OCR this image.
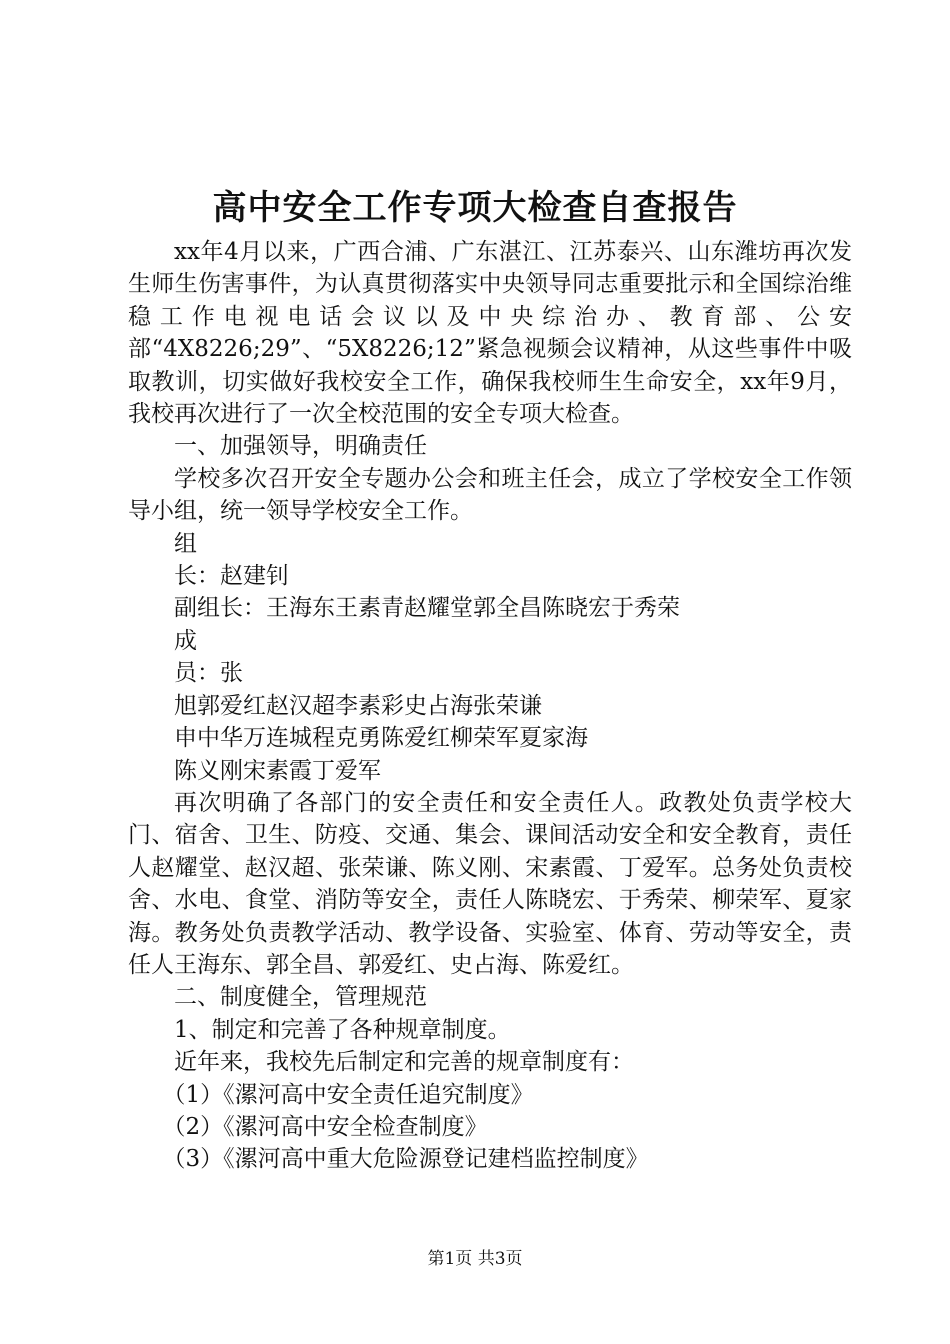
高中安全工作专项大检查自查报告

xx年4月以来，广西合浦、广东湛江、江苏泰兴、山东潍坊再次发生师生伤害事件，为认真贯彻落实中央领导同志重要批示和全国综治维稳工作电视电话会议以及中央综治办、教育部、公安部“4X8226;29”、“5X8226;12”紧急视频会议精神，从这些事件中吸取教训，切实做好我校安全工作，确保我校师生生命安全，xx年9月，我校再次进行了一次全校范围的安全专项大检查。

一、加强领导，明确责任

学校多次召开安全专题办公会和班主任会，成立了学校安全工作领导小组，统一领导学校安全工作。

组

长：赵建钊

副组长：王海东王素青赵耀堂郭全昌陈晓宏于秀荣

成

员：张

旭郭爱红赵汉超李素彩史占海张荣谦

申中华万连城程克勇陈爱红柳荣军夏家海

陈义刚宋素霞丁爱军

再次明确了各部门的安全责任和安全责任人。政教处负责学校大门、宿舍、卫生、防疫、交通、集会、课间活动安全和安全教育，责任人赵耀堂、赵汉超、张荣谦、陈义刚、宋素霞、丁爱军。总务处负责校舍、水电、食堂、消防等安全，责任人陈晓宏、于秀荣、柳荣军、夏家海。教务处负责教学活动、教学设备、实验室、体育、劳动等安全，责任人王海东、郭全昌、郭爱红、史占海、陈爱红。

二、制度健全，管理规范

1、制定和完善了各种规章制度。

近年来，我校先后制定和完善的规章制度有：

（1）《漯河高中安全责任追究制度》

（2）《漯河高中安全检查制度》

（3）《漯河高中重大危险源登记建档监控制度》

第1页 共3页
